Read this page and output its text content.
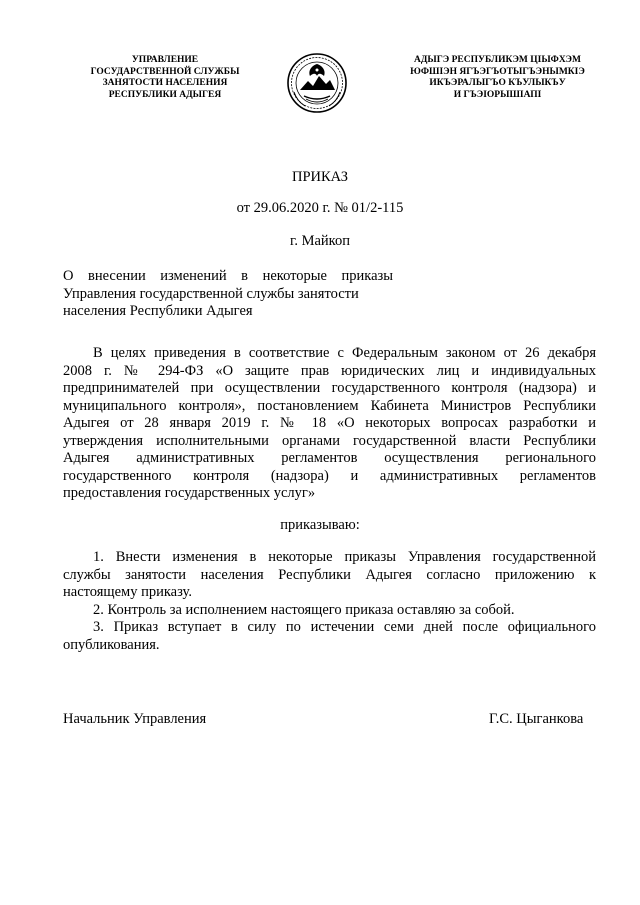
УПРАВЛЕНИЕ
ГОСУДАРСТВЕННОЙ СЛУЖБЫ
ЗАНЯТОСТИ НАСЕЛЕНИЯ
РЕСПУБЛИКИ АДЫГЕЯ
АДЫГЭ РЕСПУБЛИКЭМ ЦІЫФХЭМ
ЮФШІЭН ЯГЪЭГЪОТЫГЪЭНЫМКІЭ
ИКЪЭРАЛЫГЪО КЪУЛЫКЪУ
И ГЪЭІОРЫШІАПІ
ПРИКАЗ
от 29.06.2020 г. № 01/2-115
г. Майкоп
О внесении изменений в некоторые приказы
Управления государственной службы занятости
населения Республики Адыгея
В целях приведения в соответствие с Федеральным законом от 26 декабря
2008 г. № 294-ФЗ «О защите прав юридических лиц и индивидуальных
предпринимателей при осуществлении государственного контроля (надзора) и
муниципального контроля», постановлением Кабинета Министров Республики
Адыгея от 28 января 2019 г. № 18 «О некоторых вопросах разработки и
утверждения исполнительными органами государственной власти Республики
Адыгея административных регламентов осуществления регионального
государственного контроля (надзора) и административных регламентов
предоставления государственных услуг»
приказываю:
1. Внести изменения в некоторые приказы Управления государственной
службы занятости населения Республики Адыгея согласно приложению к
настоящему приказу.
2. Контроль за исполнением настоящего приказа оставляю за собой.
3. Приказ вступает в силу по истечении семи дней после официального
опубликования.
Начальник Управления	Г.С. Цыганкова
